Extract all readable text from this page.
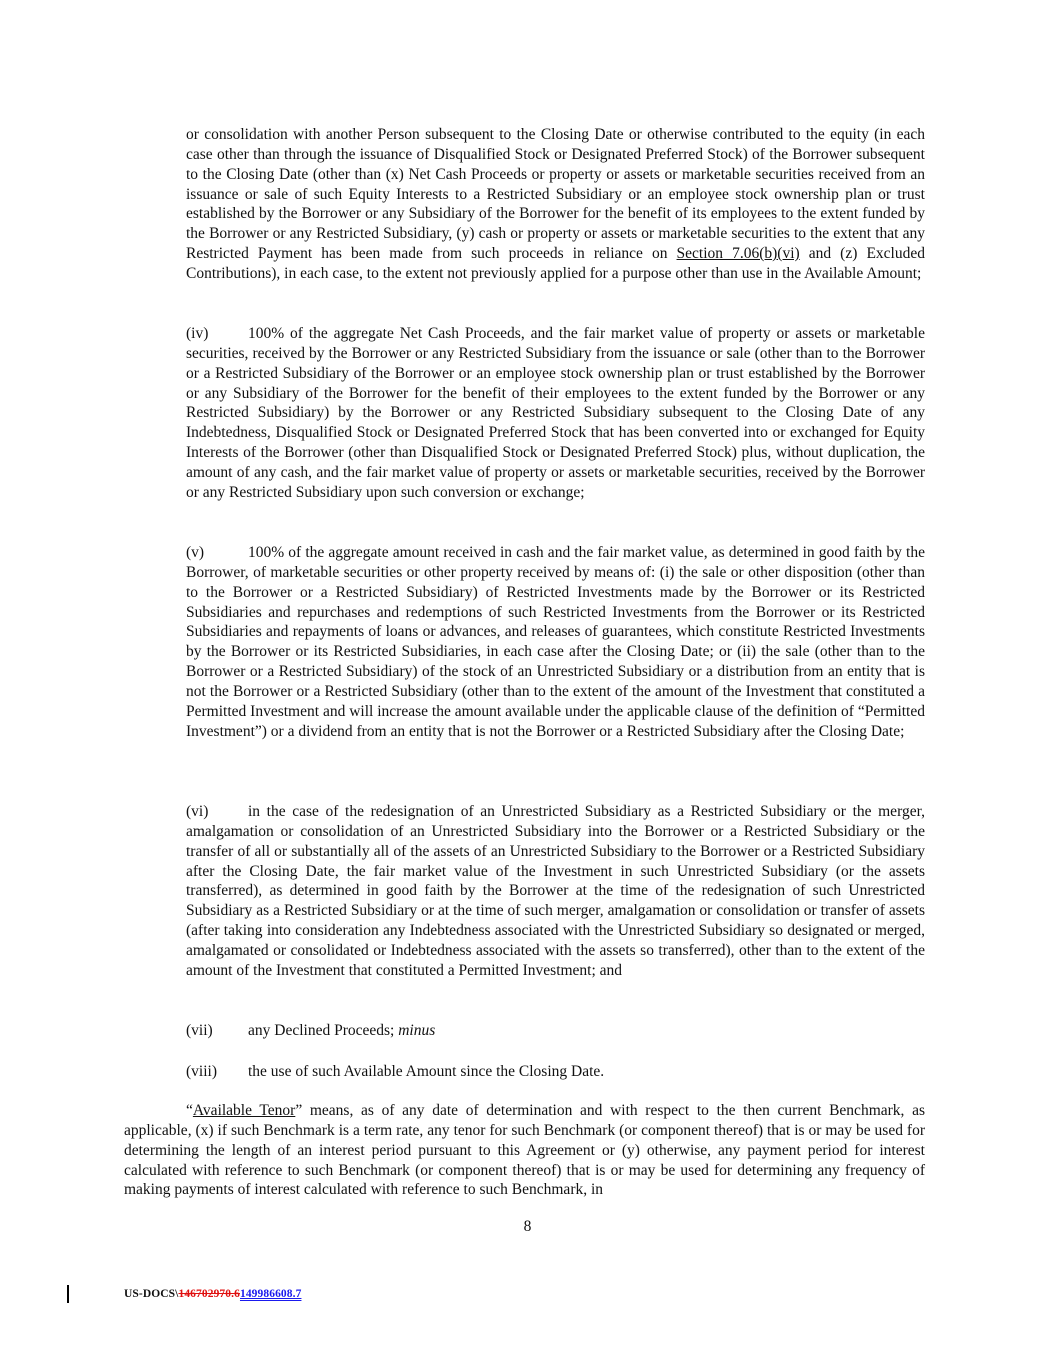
or consolidation with another Person subsequent to the Closing Date or otherwise contributed to the equity (in each case other than through the issuance of Disqualified Stock or Designated Preferred Stock) of the Borrower subsequent to the Closing Date (other than (x) Net Cash Proceeds or property or assets or marketable securities received from an issuance or sale of such Equity Interests to a Restricted Subsidiary or an employee stock ownership plan or trust established by the Borrower or any Subsidiary of the Borrower for the benefit of its employees to the extent funded by the Borrower or any Restricted Subsidiary, (y) cash or property or assets or marketable securities to the extent that any Restricted Payment has been made from such proceeds in reliance on Section 7.06(b)(vi) and (z) Excluded Contributions), in each case, to the extent not previously applied for a purpose other than use in the Available Amount;

(iv)	100% of the aggregate Net Cash Proceeds, and the fair market value of property or assets or marketable securities, received by the Borrower or any Restricted Subsidiary from the issuance or sale (other than to the Borrower or a Restricted Subsidiary of the Borrower or an employee stock ownership plan or trust established by the Borrower or any Subsidiary of the Borrower for the benefit of their employees to the extent funded by the Borrower or any Restricted Subsidiary) by the Borrower or any Restricted Subsidiary subsequent to the Closing Date of any Indebtedness, Disqualified Stock or Designated Preferred Stock that has been converted into or exchanged for Equity Interests of the Borrower (other than Disqualified Stock or Designated Preferred Stock) plus, without duplication, the amount of any cash, and the fair market value of property or assets or marketable securities, received by the Borrower or any Restricted Subsidiary upon such conversion or exchange;

(v)	100% of the aggregate amount received in cash and the fair market value, as determined in good faith by the Borrower, of marketable securities or other property received by means of: (i) the sale or other disposition (other than to the Borrower or a Restricted Subsidiary) of Restricted Investments made by the Borrower or its Restricted Subsidiaries and repurchases and redemptions of such Restricted Investments from the Borrower or its Restricted Subsidiaries and repayments of loans or advances, and releases of guarantees, which constitute Restricted Investments by the Borrower or its Restricted Subsidiaries, in each case after the Closing Date; or (ii) the sale (other than to the Borrower or a Restricted Subsidiary) of the stock of an Unrestricted Subsidiary or a distribution from an entity that is not the Borrower or a Restricted Subsidiary (other than to the extent of the amount of the Investment that constituted a Permitted Investment and will increase the amount available under the applicable clause of the definition of “Permitted Investment”) or a dividend from an entity that is not the Borrower or a Restricted Subsidiary after the Closing Date;

(vi)	in the case of the redesignation of an Unrestricted Subsidiary as a Restricted Subsidiary or the merger, amalgamation or consolidation of an Unrestricted Subsidiary into the Borrower or a Restricted Subsidiary or the transfer of all or substantially all of the assets of an Unrestricted Subsidiary to the Borrower or a Restricted Subsidiary after the Closing Date, the fair market value of the Investment in such Unrestricted Subsidiary (or the assets transferred), as determined in good faith by the Borrower at the time of the redesignation of such Unrestricted Subsidiary as a Restricted Subsidiary or at the time of such merger, amalgamation or consolidation or transfer of assets (after taking into consideration any Indebtedness associated with the Unrestricted Subsidiary so designated or merged, amalgamated or consolidated or Indebtedness associated with the assets so transferred), other than to the extent of the amount of the Investment that constituted a Permitted Investment; and

(vii) any Declined Proceeds; minus

(viii) the use of such Available Amount since the Closing Date.

“Available Tenor” means, as of any date of determination and with respect to the then current Benchmark, as applicable, (x) if such Benchmark is a term rate, any tenor for such Benchmark (or component thereof) that is or may be used for determining the length of an interest period pursuant to this Agreement or (y) otherwise, any payment period for interest calculated with reference to such Benchmark (or component thereof) that is or may be used for determining any frequency of making payments of interest calculated with reference to such Benchmark, in

8
US-DOCS\146702970.6149986608.7
